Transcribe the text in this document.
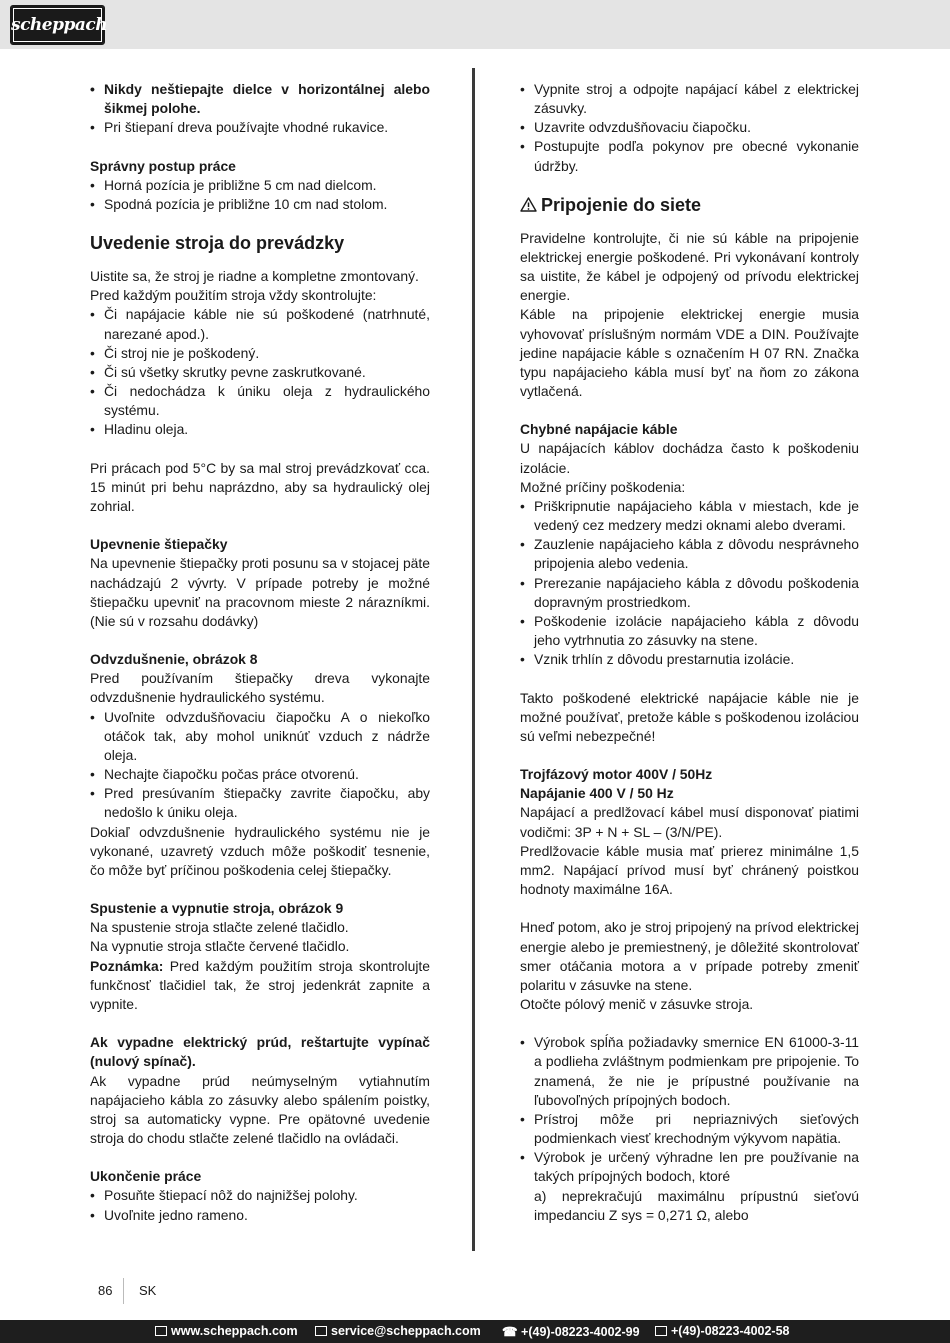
scheppach
• Nikdy neštiepajte dielce v horizontálnej alebo šikmej polohe.
• Pri štiepaní dreva používajte vhodné rukavice.

Správny postup práce

• Horná pozícia je približne 5 cm nad dielcom.
• Spodná pozícia je približne 10 cm nad stolom.
Uvedenie stroja do prevádzky

Uistite sa, že stroj je riadne a kompletne zmontovaný.

Pred každým použitím stroja vždy skontrolujte:

• Či napájacie káble nie sú poškodené (natrhnuté, narezané apod.).
• Či stroj nie je poškodený.
• Či sú všetky skrutky pevne zaskrutkované.
• Či nedochádza k úniku oleja z hydraulického systému.
• Hladinu oleja.

Pri prácach pod 5°C by sa mal stroj prevádzkovať cca. 15 minút pri behu naprázdno, aby sa hydraulický olej zohrial.

Upevnenie štiepačky

Na upevnenie štiepačky proti posunu sa v stojacej päte nachádzajú 2 vývrty. V prípade potreby je možné štiepačku upevniť na pracovnom mieste 2 nárazníkmi. (Nie sú v rozsahu dodávky)

Odvzdušnenie, obrázok 8

Pred používaním štiepačky dreva vykonajte odvzdušnenie hydraulického systému.

• Uvoľnite odvzdušňovaciu čiapočku A o niekoľko otáčok tak, aby mohol uniknúť vzduch z nádrže oleja.
• Nechajte čiapočku počas práce otvorenú.
• Pred presúvaním štiepačky zavrite čiapočku, aby nedošlo k úniku oleja.

Dokiaľ odvzdušnenie hydraulického systému nie je vykonané, uzavretý vzduch môže poškodiť tesnenie, čo môže byť príčinou poškodenia celej štiepačky.

Spustenie a vypnutie stroja, obrázok 9

Na spustenie stroja stlačte zelené tlačidlo.

Na vypnutie stroja stlačte červené tlačidlo.

Poznámka: Pred každým použitím stroja skontrolujte funkčnosť tlačidiel tak, že stroj jedenkrát zapnite a vypnite.

Ak vypadne elektrický prúd, reštartujte vypínač (nulový spínač).

Ak vypadne prúd neúmyselným vytiahnutím napájacieho kábla zo zásuvky alebo spálením poistky, stroj sa automaticky vypne. Pre opätovné uvedenie stroja do chodu stlačte zelené tlačidlo na ovládači.

Ukončenie práce

• Posuňte štiepací nôž do najnižšej polohy.
• Uvoľnite jedno rameno.
• Vypnite stroj a odpojte napájací kábel z elektrickej zásuvky.
• Uzavrite odvzdušňovaciu čiapočku.
• Postupujte podľa pokynov pre obecné vykonanie údržby.
Pripojenie do siete

Pravidelne kontrolujte, či nie sú káble na pripojenie elektrickej energie poškodené. Pri vykonávaní kontroly sa uistite, že kábel je odpojený od prívodu elektrickej energie.

Káble na pripojenie elektrickej energie musia vyhovovať príslušným normám VDE a DIN. Používajte jedine napájacie káble s označením H 07 RN. Značka typu napájacieho kábla musí byť na ňom zo zákona vytlačená.

Chybné napájacie káble

U napájacích káblov dochádza často k poškodeniu izolácie.

Možné príčiny poškodenia:

• Priškripnutie napájacieho kábla v miestach, kde je vedený cez medzery medzi oknami alebo dverami.
• Zauzlenie napájacieho kábla z dôvodu nesprávneho pripojenia alebo vedenia.
• Prerezanie napájacieho kábla z dôvodu poškodenia dopravným prostriedkom.
• Poškodenie izolácie napájacieho kábla z dôvodu jeho vytrhnutia zo zásuvky na stene.
• Vznik trhlín z dôvodu prestarnutia izolácie.

Takto poškodené elektrické napájacie káble nie je možné používať, pretože káble s poškodenou izoláciou sú veľmi nebezpečné!

Trojfázový motor 400V / 50Hz

Napájanie 400 V / 50 Hz

Napájací a predlžovací kábel musí disponovať piatimi vodičmi: 3P + N + SL – (3/N/PE).

Predlžovacie káble musia mať prierez minimálne 1,5 mm2. Napájací prívod musí byť chránený poistkou hodnoty maximálne 16A.

Hneď potom, ako je stroj pripojený na prívod elektrickej energie alebo je premiestnený, je dôležité skontrolovať smer otáčania motora a v prípade potreby zmeniť polaritu v zásuvke na stene.

Otočte pólový menič v zásuvke stroja.

• Výrobok spĺňa požiadavky smernice EN 61000-3-11 a podlieha zvláštnym podmienkam pre pripojenie. To znamená, že nie je prípustné používanie na ľubovoľných prípojných bodoch.
• Prístroj môže pri nepriaznivých sieťových podmienkach viesť krechodným výkyvom napätia.
• Výrobok je určený výhradne len pre používanie na takých prípojných bodoch, ktoré
a) neprekračujú maximálnu prípustnú sieťovú impedanciu Z sys = 0,271 Ω, alebo
86 SK
www.scheppach.com	service@scheppach.com ☎ +(49)-08223-4002-99	+(49)-08223-4002-58
